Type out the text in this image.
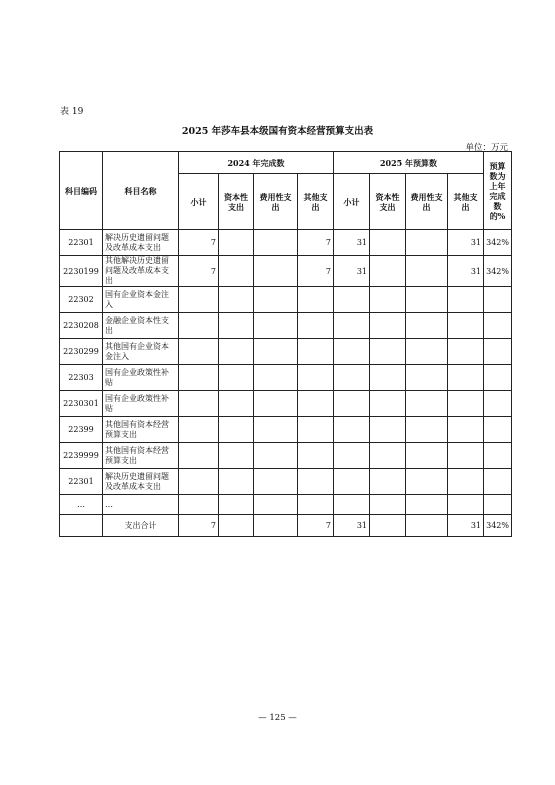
表 19
2025 年莎车县本级国有资本经营预算支出表
单位：万元
科目编码	科目名称	2024 年完成数				2025 年预算数				预算数为上年完成数的%
		小计	资本性支出	费用性支出	其他支出	小计	资本性支出	费用性支出	其他支出	
22301	解决历史遗留问题及改革成本支出	7			7	31			31	342%
2230199	其他解决历史遗留问题及改革成本支出	7			7	31			31	342%
22302	国有企业资本金注入									
2230208	金融企业资本性支出									
2230299	其他国有企业资本金注入									
22303	国有企业政策性补贴									
2230301	国有企业政策性补贴									
22399	其他国有资本经营预算支出									
2239999	其他国有资本经营预算支出									
22301	解决历史遗留问题及改革成本支出									
…	…									
	支出合计	7			7	31			31	342%
— 125 —
